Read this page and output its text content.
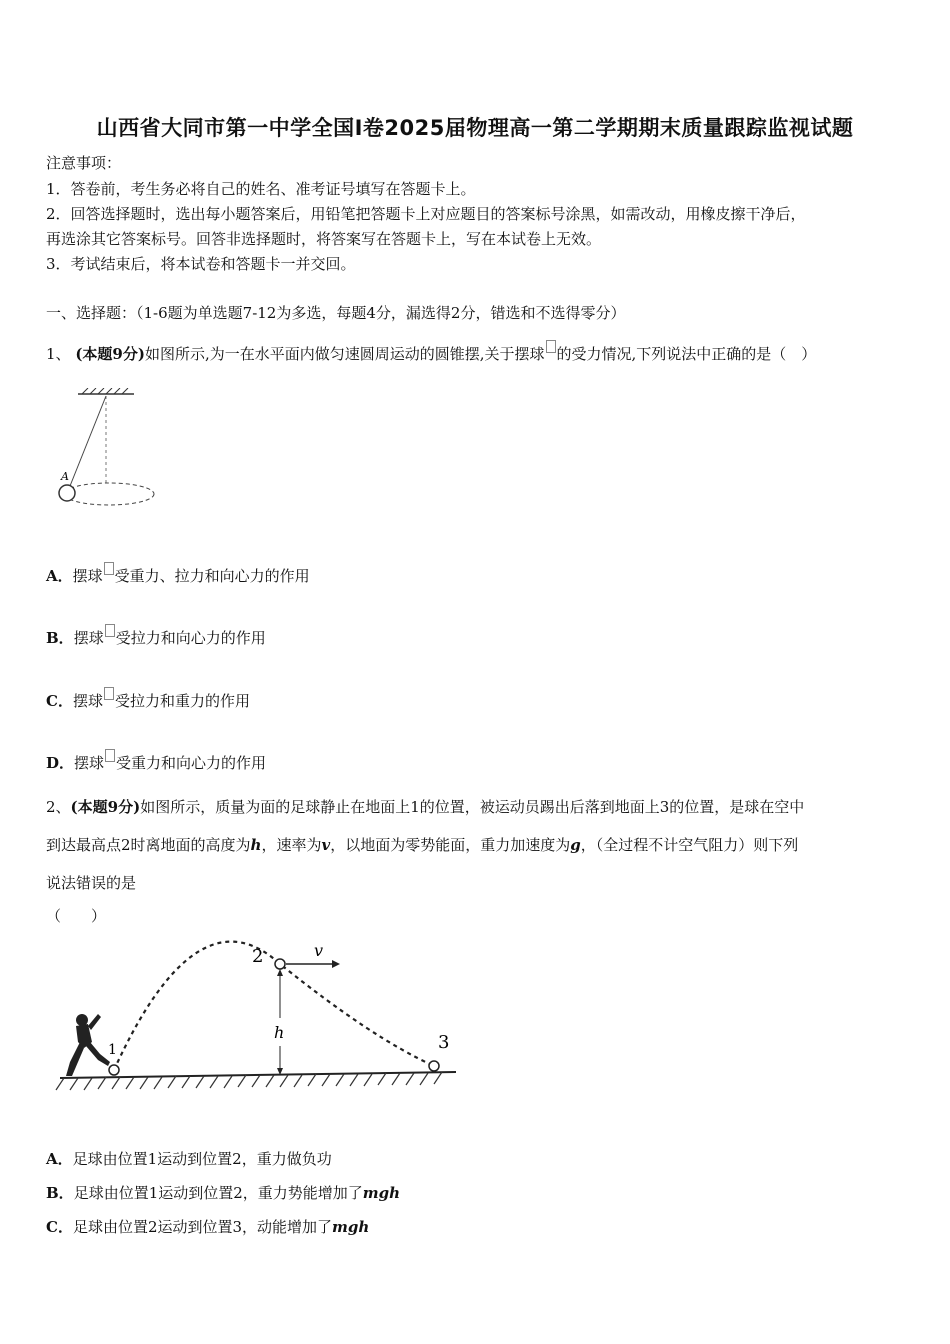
山西省大同市第一中学全国Ⅰ卷2025届物理高一第二学期期末质量跟踪监视试题
注意事项：
1．答卷前，考生务必将自己的姓名、准考证号填写在答题卡上。
2．回答选择题时，选出每小题答案后，用铅笔把答题卡上对应题目的答案标号涂黑，如需改动，用橡皮擦干净后，
再选涂其它答案标号。回答非选择题时，将答案写在答题卡上，写在本试卷上无效。
3．考试结束后，将本试卷和答题卡一并交回。
一、选择题：（1-6题为单选题7-12为多选，每题4分，漏选得2分，错选和不选得零分）
1、 (本题9分)如图所示,为一在水平面内做匀速圆周运动的圆锥摆,关于摆球 的受力情况,下列说法中正确的是（　）
A
A．摆球 受重力、拉力和向心力的作用
B．摆球 受拉力和向心力的作用
C．摆球 受拉力和重力的作用
D．摆球 受重力和向心力的作用
2、(本题9分)如图所示，质量为面的足球静止在地面上1的位置，被运动员踢出后落到地面上3的位置，是球在空中
到达最高点2时离地面的高度为h，速率为v，以地面为零势能面，重力加速度为g，（全过程不计空气阻力）则下列
说法错误的是
（　　）
1
2	v
h	3
A．足球由位置1运动到位置2，重力做负功
B．足球由位置1运动到位置2，重力势能增加了mgh
C．足球由位置2运动到位置3，动能增加了mgh
